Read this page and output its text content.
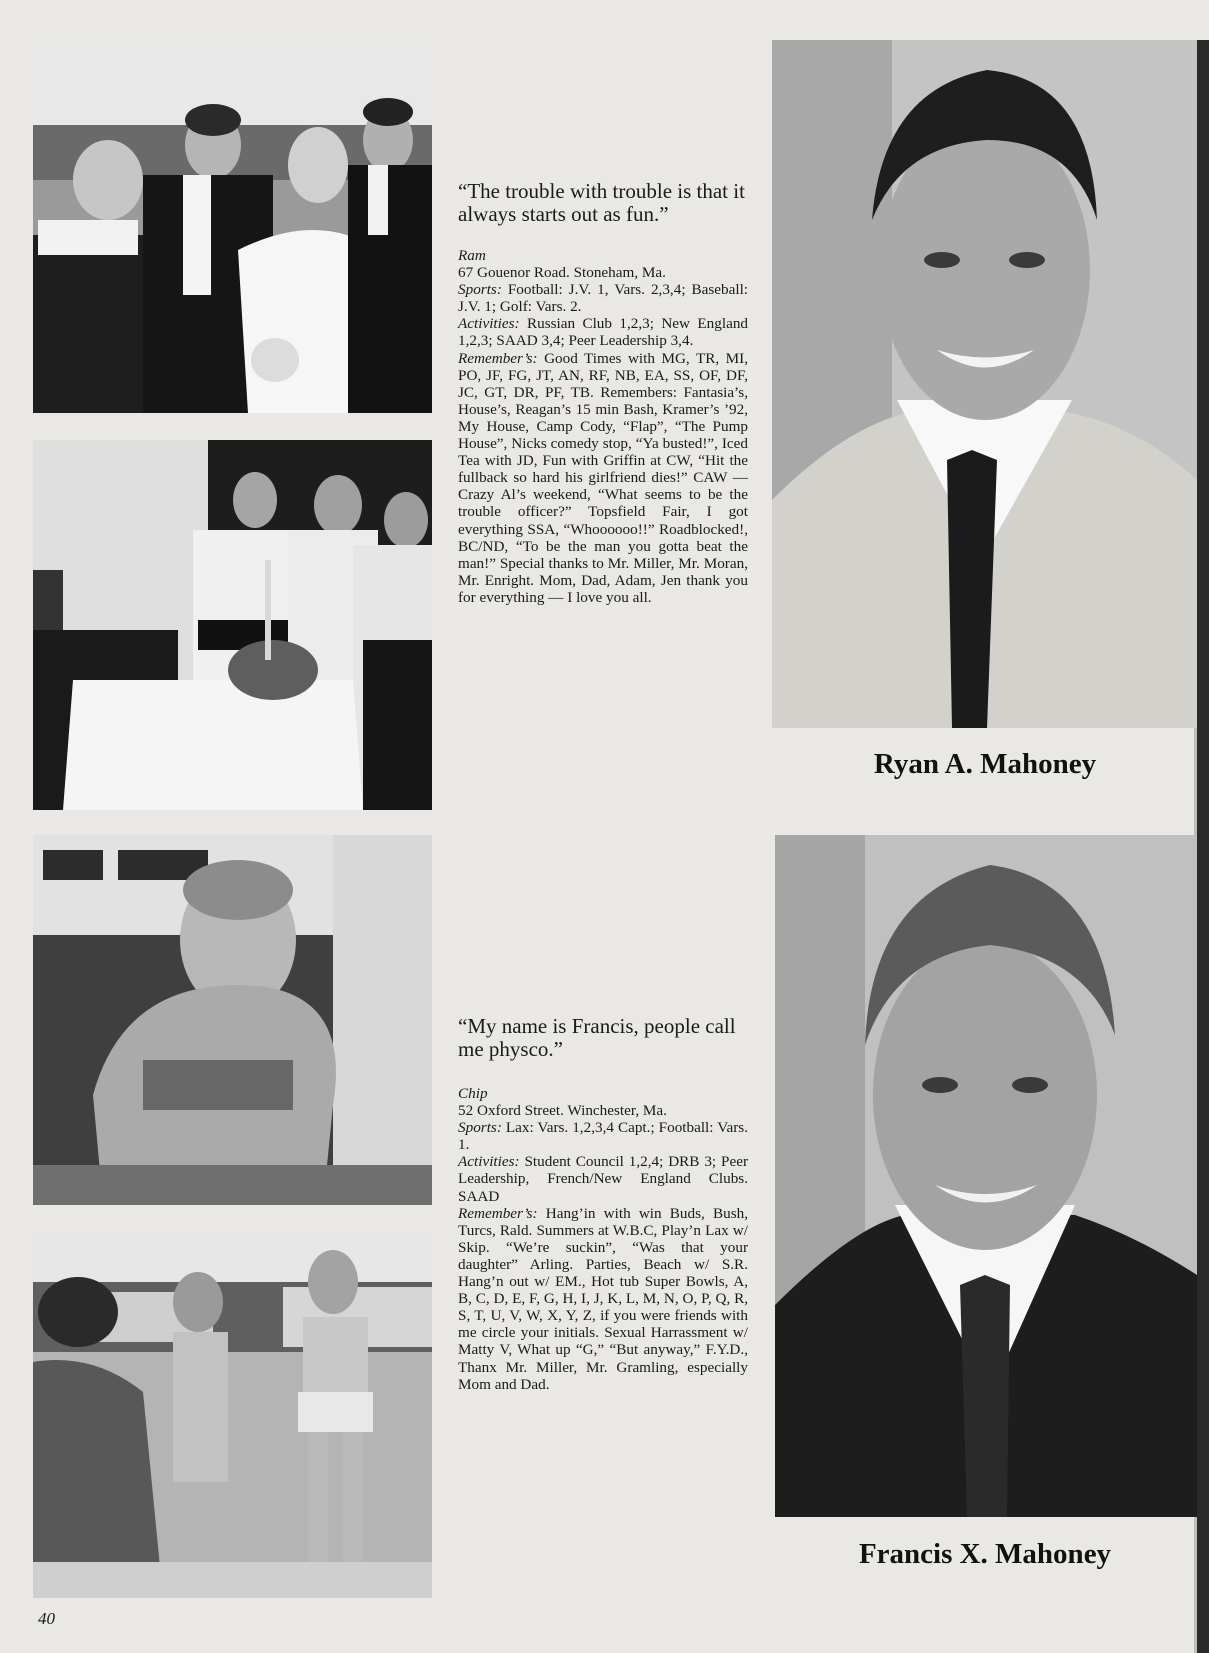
“The trouble with trouble is that it always starts out as fun.”

Ram

67 Gouenor Road. Stoneham, Ma.

Sports: Football: J.V. 1, Vars. 2,3,4; Baseball: J.V. 1; Golf: Vars. 2.

Activities: Russian Club 1,2,3; New England 1,2,3; SAAD 3,4; Peer Leadership 3,4.

Remember’s: Good Times with MG, TR, MI, PO, JF, FG, JT, AN, RF, NB, EA, SS, OF, DF, JC, GT, DR, PF, TB. Remembers: Fantasia’s, House’s, Reagan’s 15 min Bash, Kramer’s ’92, My House, Camp Cody, “Flap”, “The Pump House”, Nicks comedy stop, “Ya busted!”, Iced Tea with JD, Fun with Griffin at CW, “Hit the fullback so hard his girlfriend dies!” CAW — Crazy Al’s weekend, “What seems to be the trouble officer?” Topsfield Fair, I got everything SSA, “Whoooooo!!” Roadblocked!, BC/ND, “To be the man you gotta beat the man!” Special thanks to Mr. Miller, Mr. Moran, Mr. Enright. Mom, Dad, Adam, Jen thank you for everything — I love you all.

Ryan A. Mahoney
“My name is Francis, people call me physco.”

Chip

52 Oxford Street. Winchester, Ma.

Sports: Lax: Vars. 1,2,3,4 Capt.; Football: Vars. 1.

Activities: Student Council 1,2,4; DRB 3; Peer Leadership, French/New England Clubs. SAAD

Remember’s: Hang’in with win Buds, Bush, Turcs, Rald. Summers at W.B.C, Play’n Lax w/ Skip. “We’re suckin”, “Was that your daughter” Arling. Parties, Beach w/ S.R. Hang’n out w/ EM., Hot tub Super Bowls, A, B, C, D, E, F, G, H, I, J, K, L, M, N, O, P, Q, R, S, T, U, V, W, X, Y, Z, if you were friends with me circle your initials. Sexual Harrassment w/ Matty V, What up “G,” “But anyway,” F.Y.D., Thanx Mr. Miller, Mr. Gramling, especially Mom and Dad.

Francis X. Mahoney
40
